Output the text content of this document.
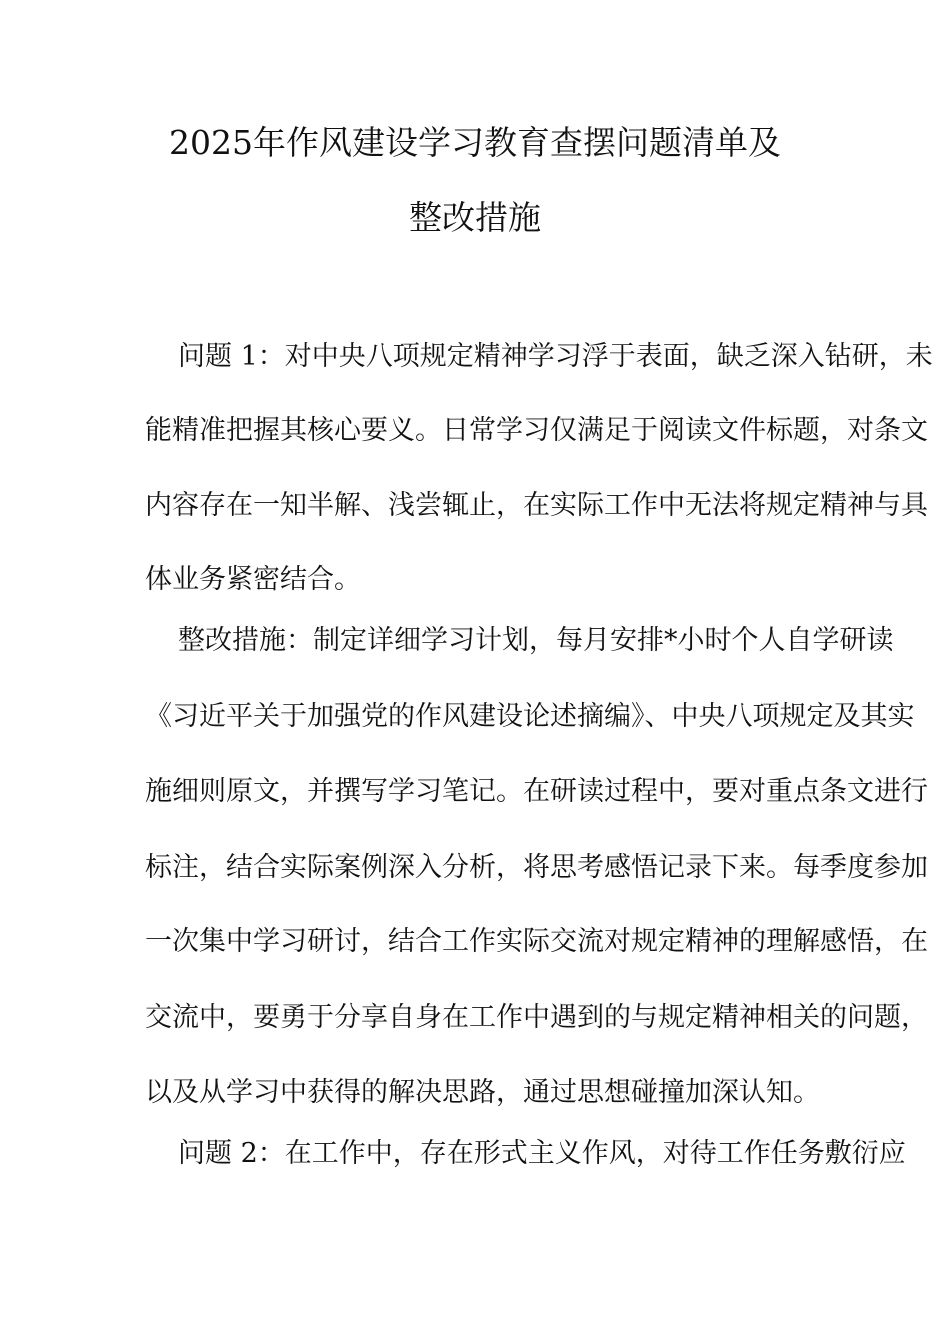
2025年作风建设学习教育查摆问题清单及
整改措施
问题 1：对中央八项规定精神学习浮于表面，缺乏深入钻研，未
能精准把握其核心要义。日常学习仅满足于阅读文件标题，对条文
内容存在一知半解、浅尝辄止，在实际工作中无法将规定精神与具
体业务紧密结合。
整改措施：制定详细学习计划，每月安排*小时个人自学研读
《习近平关于加强党的作风建设论述摘编》、中央八项规定及其实
施细则原文，并撰写学习笔记。在研读过程中，要对重点条文进行
标注，结合实际案例深入分析，将思考感悟记录下来。每季度参加
一次集中学习研讨，结合工作实际交流对规定精神的理解感悟，在
交流中，要勇于分享自身在工作中遇到的与规定精神相关的问题，
以及从学习中获得的解决思路，通过思想碰撞加深认知。
问题 2：在工作中，存在形式主义作风，对待工作任务敷衍应
